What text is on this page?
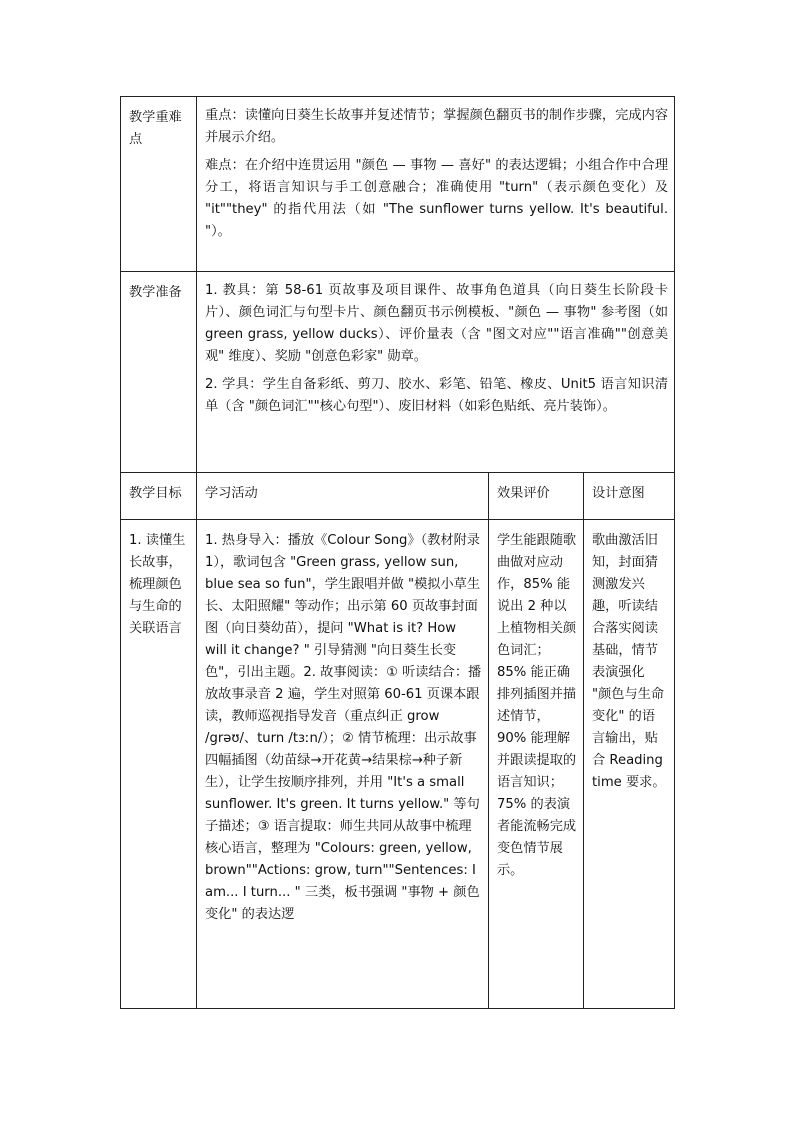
教学重难点	重点：读懂向日葵生长故事并复述情节；掌握颜色翻页书的制作步骤，完成内容并展示介绍。

难点：在介绍中连贯运用 "颜色 — 事物 — 喜好" 的表达逻辑；小组合作中合理分工，将语言知识与手工创意融合；准确使用 "turn"（表示颜色变化）及 "it""they" 的指代用法（如 "The sunflower turns yellow. It's beautiful. "）。		

教学准备	1. 教具：第 58-61 页故事及项目课件、故事角色道具（向日葵生长阶段卡片）、颜色词汇与句型卡片、颜色翻页书示例模板、"颜色 — 事物" 参考图（如 green grass, yellow ducks）、评价量表（含 "图文对应""语言准确""创意美观" 维度）、奖励 "创意色彩家" 勋章。

2. 学具：学生自备彩纸、剪刀、胶水、彩笔、铅笔、橡皮、Unit5 语言知识清单（含 "颜色词汇""核心句型"）、废旧材料（如彩色贴纸、亮片装饰）。		

教学目标	学习活动	效果评价	设计意图

1. 读懂生长故事，梳理颜色与生命的关联语言	1. 热身导入：播放《Colour Song》（教材附录 1），歌词包含 "Green grass, yellow sun, blue sea so fun"，学生跟唱并做 "模拟小草生长、太阳照耀" 等动作；出示第 60 页故事封面图（向日葵幼苗），提问 "What is it? How will it change? " 引导猜测 "向日葵生长变色"，引出主题。2. 故事阅读：① 听读结合：播放故事录音 2 遍，学生对照第 60-61 页课本跟读，教师巡视指导发音（重点纠正 grow /grəʊ/、turn /tɜːn/）；② 情节梳理：出示故事四幅插图（幼苗绿→开花黄→结果棕→种子新生），让学生按顺序排列，并用 "It's a small sunflower. It's green. It turns yellow." 等句子描述；③ 语言提取：师生共同从故事中梳理核心语言，整理为 "Colours: green, yellow, brown""Actions: grow, turn""Sentences: I am... I turn... " 三类，板书强调 "事物 + 颜色变化" 的表达逻	学生能跟随歌曲做对应动作，85% 能说出 2 种以上植物相关颜色词汇；85% 能正确排列插图并描述情节，90% 能理解并跟读提取的语言知识；75% 的表演者能流畅完成变色情节展示。	歌曲激活旧知，封面猜测激发兴趣，听读结合落实阅读基础，情节表演强化 "颜色与生命变化" 的语言输出，贴合 Reading time 要求。
